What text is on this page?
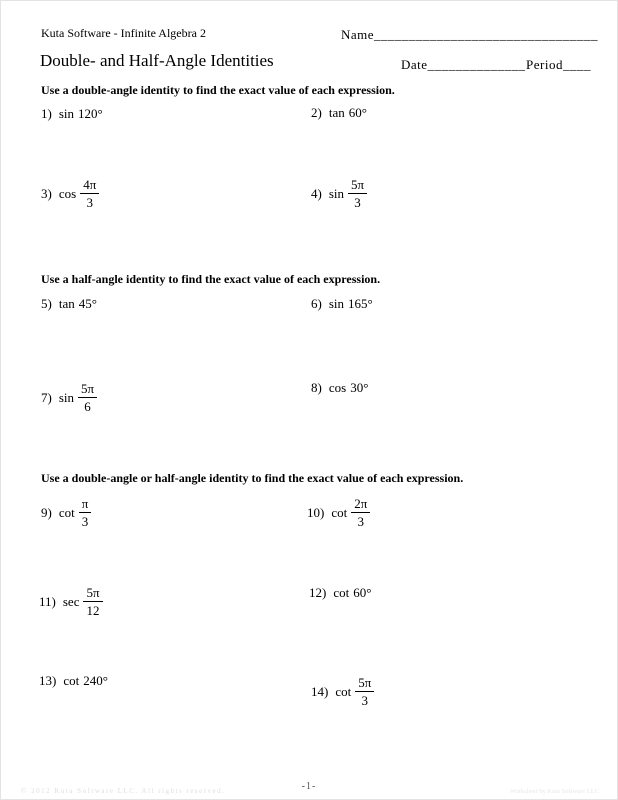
Kuta Software - Infinite Algebra 2	Name________________________________
Double- and Half-Angle Identities	Date______________ Period____
Use a double-angle identity to find the exact value of each expression.
1) sin 120°	2) tan 60°
3) $\cos \frac{4\pi}{3}$	4) $\sin \frac{5\pi}{3}$
Use a half-angle identity to find the exact value of each expression.
5) tan 45°	6) sin 165°
7) $\sin \frac{5\pi}{6}$	8) cos 30°
Use a double-angle or half-angle identity to find the exact value of each expression.
9) $\cot \frac{\pi}{3}$	10) $\cot \frac{2\pi}{3}$
11) $\sec \frac{5\pi}{12}$	12) cot 60°
13) cot 240°
14) $\cot \frac{5\pi}{3}$
© 2012 Kuta Software LLC. All rights reserved.	-1-	Worksheet by Kuta Software LLC
